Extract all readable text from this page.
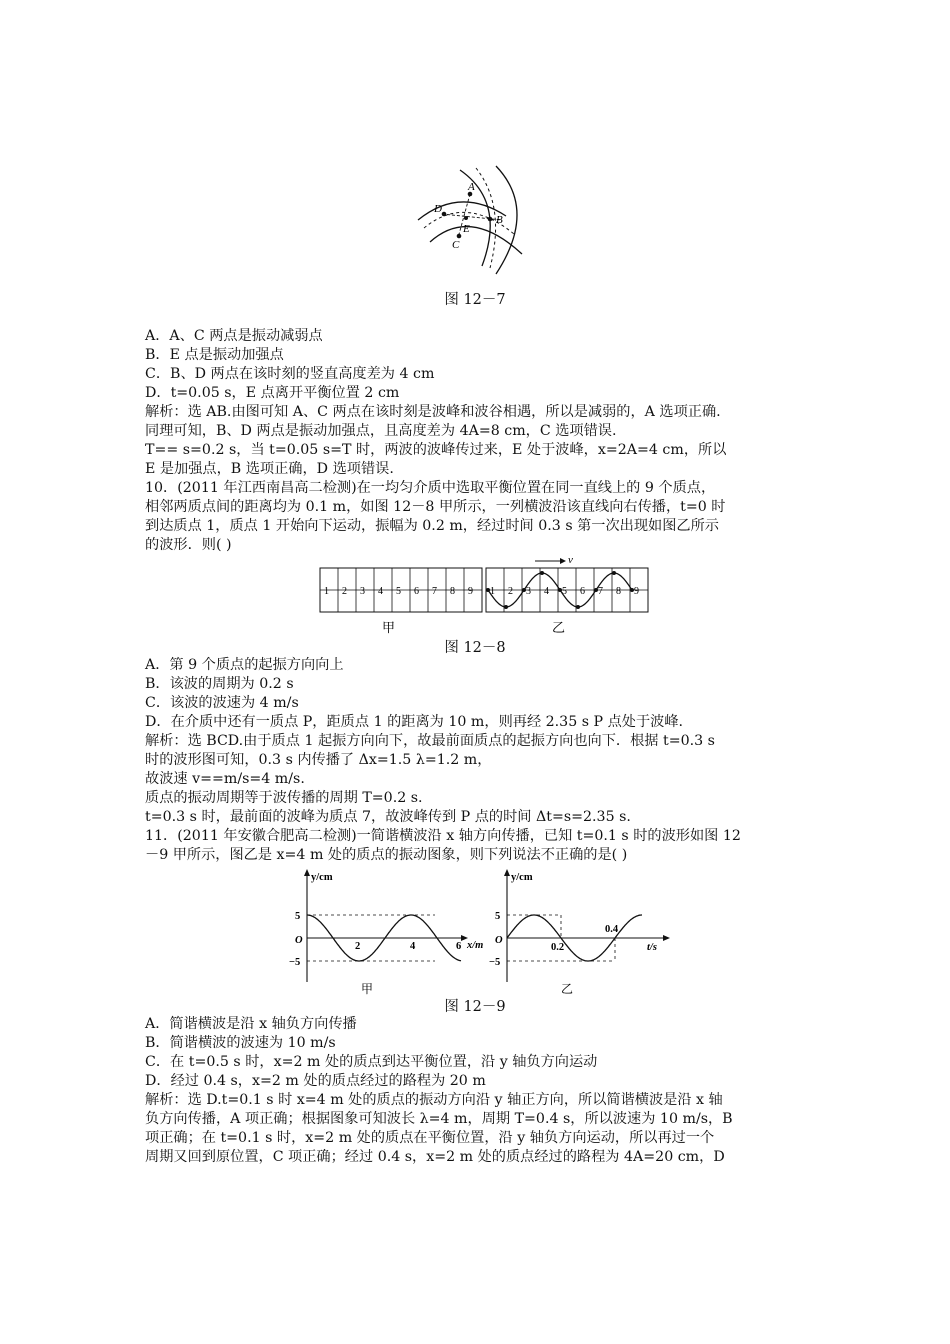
A
B
C
D
E
图 12－7
A．A、C 两点是振动减弱点
B．E 点是振动加强点
C．B、D 两点在该时刻的竖直高度差为 4 cm
D．t=0.05 s，E 点离开平衡位置 2 cm
解析：选 AB.由图可知 A、C 两点在该时刻是波峰和波谷相遇，所以是减弱的，A 选项正确.
同理可知，B、D 两点是振动加强点，且高度差为 4A=8 cm，C 选项错误.
T== s=0.2 s，当 t=0.05 s=T 时，两波的波峰传过来，E 处于波峰，x=2A=4 cm，所以
E 是加强点，B 选项正确，D 选项错误.
10．(2011 年江西南昌高二检测)在一均匀介质中选取平衡位置在同一直线上的 9 个质点，
相邻两质点间的距离均为 0.1 m，如图 12－8 甲所示，一列横波沿该直线向右传播，t=0 时
到达质点 1，质点 1 开始向下运动，振幅为 0.2 m，经过时间 0.3 s 第一次出现如图乙所示
的波形．则( )
1 2 3 4 5 6 7 8 9 1 2 3 4 5 6 7 8 9
v
甲	乙
图 12－8
A．第 9 个质点的起振方向向上
B．该波的周期为 0.2 s
C．该波的波速为 4 m/s
D．在介质中还有一质点 P，距质点 1 的距离为 10 m，则再经 2.35 s P 点处于波峰.
解析：选 BCD.由于质点 1 起振方向向下，故最前面质点的起振方向也向下．根据 t=0.3 s
时的波形图可知，0.3 s 内传播了 Δx=1.5 λ=1.2 m，
故波速 v==m/s=4 m/s.
质点的振动周期等于波传播的周期 T=0.2 s.
t=0.3 s 时，最前面的波峰为质点 7，故波峰传到 P 点的时间 Δt=s=2.35 s.
11．(2011 年安徽合肥高二检测)一简谐横波沿 x 轴方向传播，已知 t=0.1 s 时的波形如图 12
－9 甲所示，图乙是 x=4 m 处的质点的振动图象，则下列说法不正确的是( )
y/cm
x/m
5
O
−5
2	4	6
甲
y/cm
t/s
5
O
−5
0.2
0.4
乙
图 12－9
A．简谐横波是沿 x 轴负方向传播
B．简谐横波的波速为 10 m/s
C．在 t=0.5 s 时，x=2 m 处的质点到达平衡位置，沿 y 轴负方向运动
D．经过 0.4 s，x=2 m 处的质点经过的路程为 20 m
解析：选 D.t=0.1 s 时 x=4 m 处的质点的振动方向沿 y 轴正方向，所以简谐横波是沿 x 轴
负方向传播，A 项正确；根据图象可知波长 λ=4 m，周期 T=0.4 s，所以波速为 10 m/s，B
项正确；在 t=0.1 s 时，x=2 m 处的质点在平衡位置，沿 y 轴负方向运动，所以再过一个
周期又回到原位置，C 项正确；经过 0.4 s，x=2 m 处的质点经过的路程为 4A=20 cm，D
